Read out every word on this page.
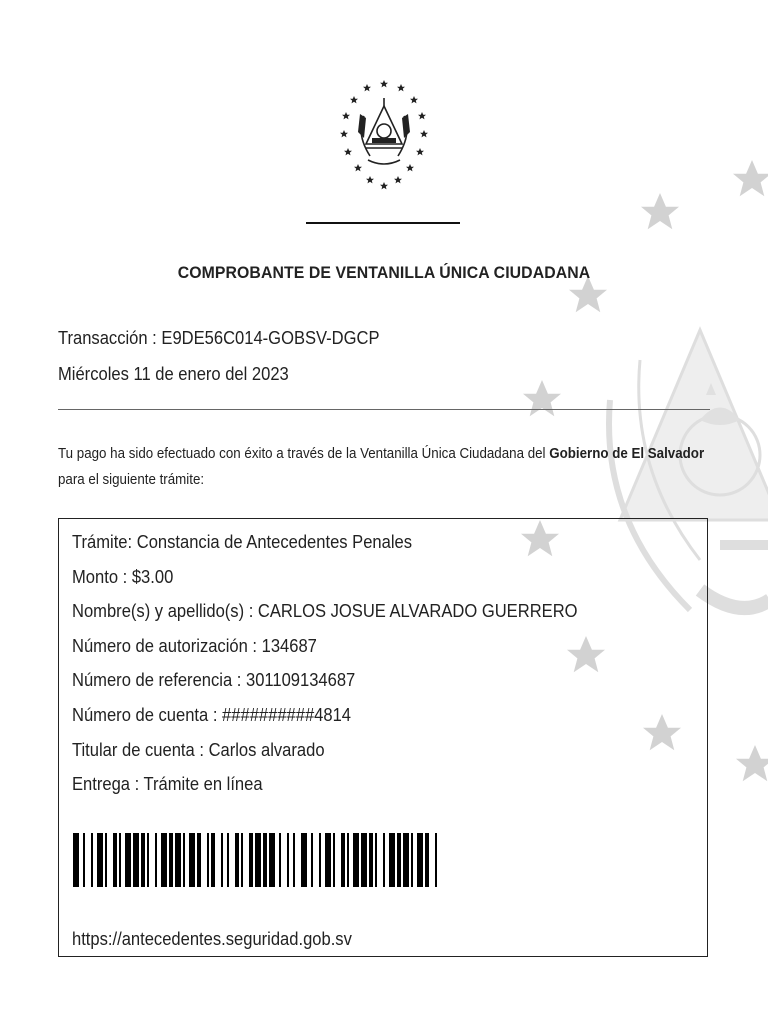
COMPROBANTE DE VENTANILLA ÚNICA CIUDADANA
Transacción : E9DE56C014-GOBSV-DGCP
Miércoles 11 de enero del 2023
Tu pago ha sido efectuado con éxito a través de la Ventanilla Única Ciudadana del Gobierno de El Salvador para el siguiente trámite:
Trámite: Constancia de Antecedentes Penales
Monto : $3.00
Nombre(s) y apellido(s) : CARLOS JOSUE ALVARADO GUERRERO
Número de autorización : 134687
Número de referencia : 301109134687
Número de cuenta : ##########4814
Titular de cuenta : Carlos alvarado
Entrega : Trámite en línea
https://antecedentes.seguridad.gob.sv
